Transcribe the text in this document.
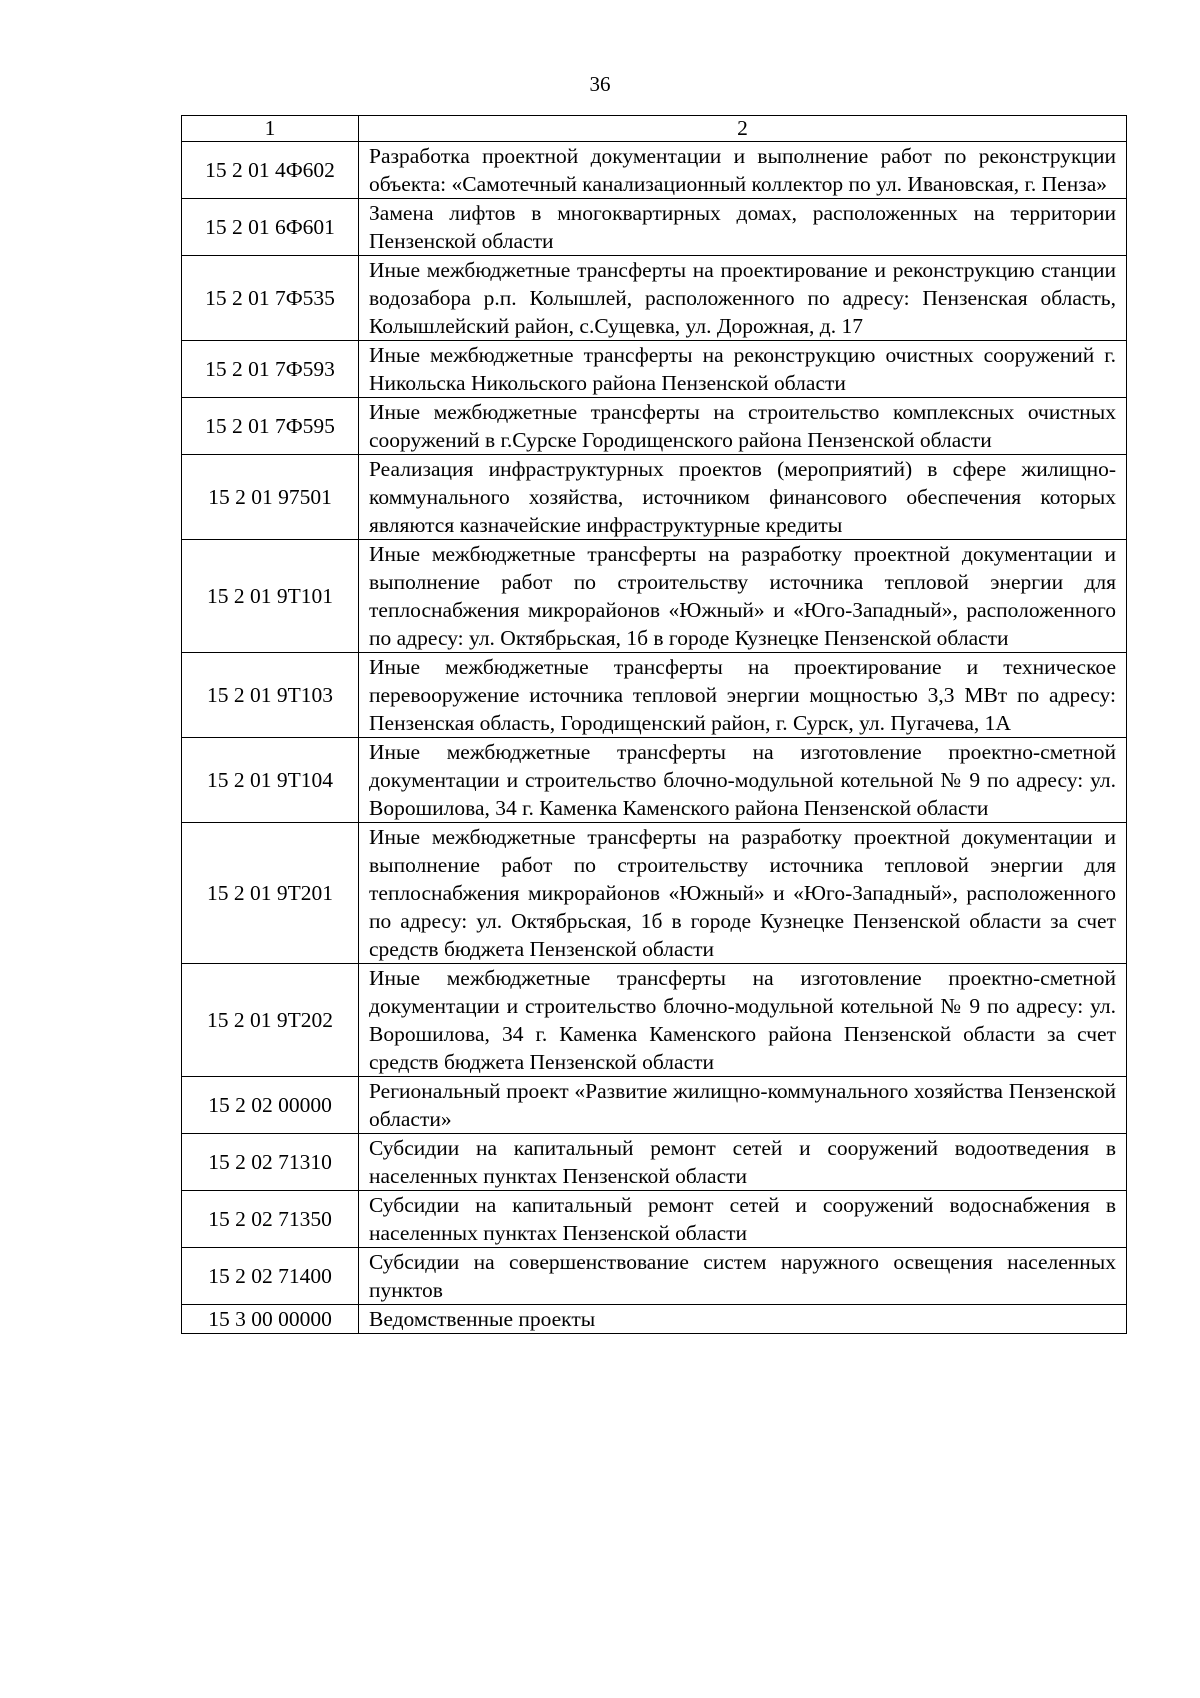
36
1	2
15 2 01 4Ф602	Разработка проектной документации и выполнение работ по реконструкции объекта: «Самотечный канализационный коллектор по ул. Ивановская, г. Пенза»
15 2 01 6Ф601	Замена лифтов в многоквартирных домах, расположенных на территории Пензенской области
15 2 01 7Ф535	Иные межбюджетные трансферты на проектирование и реконструкцию станции водозабора р.п. Колышлей, расположенного по адресу: Пензенская область, Колышлейский район, с.Сущевка, ул. Дорожная, д. 17
15 2 01 7Ф593	Иные межбюджетные трансферты на реконструкцию очистных сооружений г. Никольска Никольского района Пензенской области
15 2 01 7Ф595	Иные межбюджетные трансферты на строительство комплексных очистных сооружений в г.Сурске Городищенского района Пензенской области
15 2 01 97501	Реализация инфраструктурных проектов (мероприятий) в сфере жилищно-коммунального хозяйства, источником финансового обеспечения которых являются казначейские инфраструктурные кредиты
15 2 01 9Т101	Иные межбюджетные трансферты на разработку проектной документации и выполнение работ по строительству источника тепловой энергии для теплоснабжения микрорайонов «Южный» и «Юго-Западный», расположенного по адресу: ул. Октябрьская, 1б в городе Кузнецке Пензенской области
15 2 01 9Т103	Иные межбюджетные трансферты на проектирование и техническое перевооружение источника тепловой энергии мощностью 3,3 МВт по адресу: Пензенская область, Городищенский район, г. Сурск, ул. Пугачева, 1А
15 2 01 9Т104	Иные межбюджетные трансферты на изготовление проектно-сметной документации и строительство блочно-модульной котельной № 9 по адресу: ул. Ворошилова, 34 г. Каменка Каменского района Пензенской области
15 2 01 9Т201	Иные межбюджетные трансферты на разработку проектной документации и выполнение работ по строительству источника тепловой энергии для теплоснабжения микрорайонов «Южный» и «Юго-Западный», расположенного по адресу: ул. Октябрьская, 1б в городе Кузнецке Пензенской области за счет средств бюджета Пензенской области
15 2 01 9Т202	Иные межбюджетные трансферты на изготовление проектно-сметной документации и строительство блочно-модульной котельной № 9 по адресу: ул. Ворошилова, 34 г. Каменка Каменского района Пензенской области за счет средств бюджета Пензенской области
15 2 02 00000	Региональный проект «Развитие жилищно-коммунального хозяйства Пензенской области»
15 2 02 71310	Субсидии на капитальный ремонт сетей и сооружений водоотведения в населенных пунктах Пензенской области
15 2 02 71350	Субсидии на капитальный ремонт сетей и сооружений водоснабжения в населенных пунктах Пензенской области
15 2 02 71400	Субсидии на совершенствование систем наружного освещения населенных пунктов
15 3 00 00000	Ведомственные проекты
